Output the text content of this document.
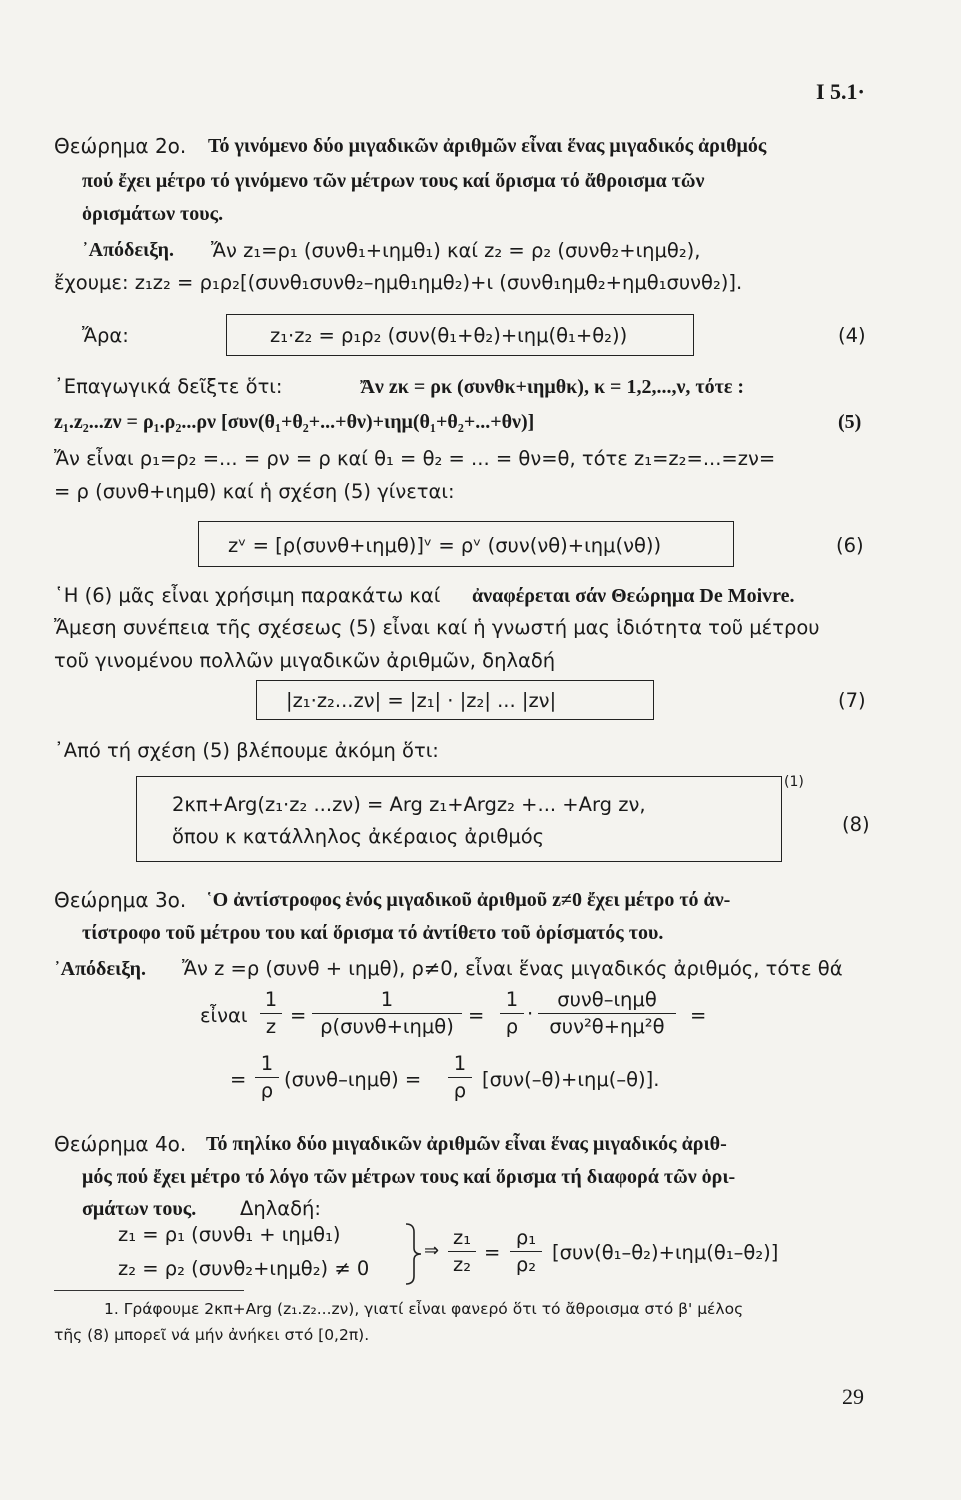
I 5.1·
Θεώρημα 2ο. Τό γινόμενο δύο μιγαδικῶν ἀριθμῶν εἶναι ἕνας μιγαδικός ἀριθμός
πού ἔχει μέτρο τό γινόμενο τῶν μέτρων τους καί ὅρισμα τό ἄθροισμα τῶν
ὁρισμάτων τους.
᾿Απόδειξη. Ἄν z₁=ρ₁ (συνθ₁+ιημθ₁) καί z₂ = ρ₂ (συνθ₂+ιημθ₂),
ἔχουμε: z₁z₂ = ρ₁ρ₂[(συνθ₁συνθ₂–ημθ₁ημθ₂)+ι (συνθ₁ημθ₂+ημθ₁συνθ₂)].
Ἄρα:	z₁·z₂ = ρ₁ρ₂ (συν(θ₁+θ₂)+ιημ(θ₁+θ₂))	(4)
᾿Επαγωγικά δεῖξτε ὅτι:	Ἄν zκ = ρκ (συνθκ+ιημθκ), κ = 1,2,...,ν, τότε :
z₁.z₂...zν = ρ₁.ρ₂...ρν [συν(θ₁+θ₂+...+θν)+ιημ(θ₁+θ₂+...+θν)]	(5)
Ἄν εἶναι ρ₁=ρ₂ =... = ρν = ρ καί θ₁ = θ₂ = ... = θν=θ, τότε z₁=z₂=...=zν=
= ρ (συνθ+ιημθ) καί ἡ σχέση (5) γίνεται:
zᵛ = [ρ(συνθ+ιημθ)]ᵛ = ρᵛ (συν(νθ)+ιημ(νθ))	(6)
῾Η (6) μᾶς εἶναι χρήσιμη παρακάτω καί ἀναφέρεται σάν Θεώρημα De Moivre.
Ἄμεση συνέπεια τῆς σχέσεως (5) εἶναι καί ἡ γνωστή μας ἰδιότητα τοῦ μέτρου
τοῦ γινομένου πολλῶν μιγαδικῶν ἀριθμῶν, δηλαδή
|z₁·z₂...zν| = |z₁| · |z₂| ... |zν|	(7)
᾿Από τή σχέση (5) βλέπουμε ἀκόμη ὅτι:
2κπ+Arg(z₁·z₂ ...zν) = Arg z₁+Argz₂ +... +Arg zν,
ὅπου κ κατάλληλος ἀκέραιος ἀριθμός
(1)
(8)
Θεώρημα 3ο. ῾Ο ἀντίστροφος ἑνός μιγαδικοῦ ἀριθμοῦ z≠0 ἔχει μέτρο τό ἀν-
τίστροφο τοῦ μέτρου του καί ὅρισμα τό ἀντίθετο τοῦ ὁρίσματός του.
᾿Απόδειξη. Ἄν z =ρ (συνθ + ιημθ), ρ≠0, εἶναι ἕνας μιγαδικός ἀριθμός, τότε θά
εἶναι
1
z =
1
ρ(συνθ+ιημθ) =
1
ρ
·
συνθ–ιημθ
συν²θ+ημ²θ	=
=
1
ρ (συνθ–ιημθ) =
1
ρ [συν(–θ)+ιημ(–θ)].
Θεώρημα 4ο. Τό πηλίκο δύο μιγαδικῶν ἀριθμῶν εἶναι ἕνας μιγαδικός ἀριθ-
μός πού ἔχει μέτρο τό λόγο τῶν μέτρων τους καί ὅρισμα τή διαφορά τῶν ὁρι-
σμάτων τους. Δηλαδή:
z₁ = ρ₁ (συνθ₁ + ιημθ₁)
z₂ = ρ₂ (συνθ₂+ιημθ₂) ≠ 0
⇒
z₁
z₂
=
ρ₁
ρ₂
[συν(θ₁–θ₂)+ιημ(θ₁–θ₂)]
1. Γράφουμε 2κπ+Arg (z₁.z₂...zν), γιατί εἶναι φανερό ὅτι τό ἄθροισμα στό β' μέλος
τῆς (8) μπορεῖ νά μήν ἀνήκει στό [0,2π).
29
